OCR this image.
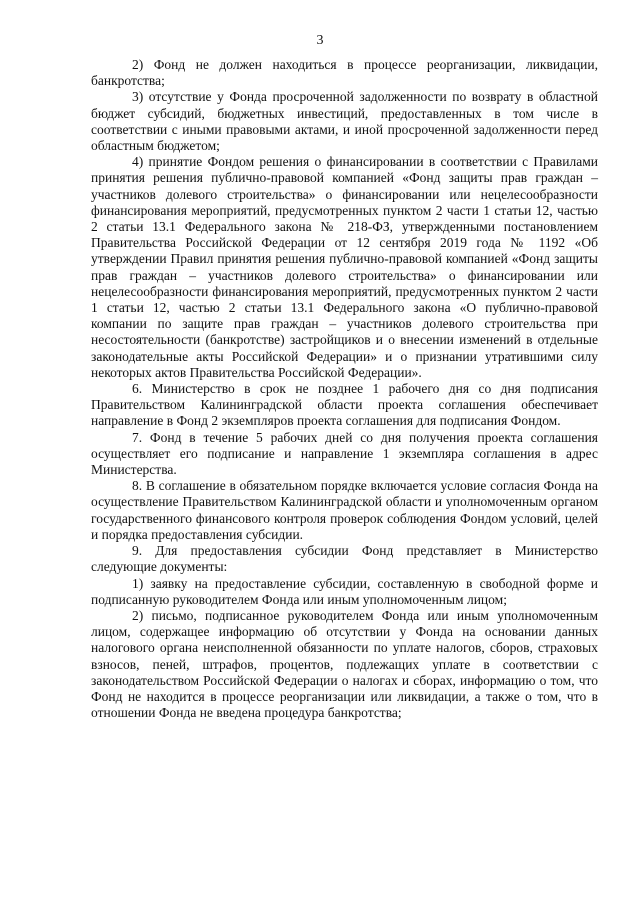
3

2) Фонд не должен находиться в процессе реорганизации, ликвидации, банкротства;

3) отсутствие у Фонда просроченной задолженности по возврату в областной бюджет субсидий, бюджетных инвестиций, предоставленных в том числе в соответствии с иными правовыми актами, и иной просроченной задолженности перед областным бюджетом;

4) принятие Фондом решения о финансировании в соответствии с Правилами принятия решения публично-правовой компанией «Фонд защиты прав граждан – участников долевого строительства» о финансировании или нецелесообразности финансирования мероприятий, предусмотренных пунктом 2 части 1 статьи 12, частью 2 статьи 13.1 Федерального закона № 218-ФЗ, утвержденными постановлением Правительства Российской Федерации от 12 сентября 2019 года № 1192 «Об утверждении Правил принятия решения публично-правовой компанией «Фонд защиты прав граждан – участников долевого строительства» о финансировании или нецелесообразности финансирования мероприятий, предусмотренных пунктом 2 части 1 статьи 12, частью 2 статьи 13.1 Федерального закона «О публично-правовой компании по защите прав граждан – участников долевого строительства при несостоятельности (банкротстве) застройщиков и о внесении изменений в отдельные законодательные акты Российской Федерации» и о признании утратившими силу некоторых актов Правительства Российской Федерации».

6. Министерство в срок не позднее 1 рабочего дня со дня подписания Правительством Калининградской области проекта соглашения обеспечивает направление в Фонд 2 экземпляров проекта соглашения для подписания Фондом.

7. Фонд в течение 5 рабочих дней со дня получения проекта соглашения осуществляет его подписание и направление 1 экземпляра соглашения в адрес Министерства.

8. В соглашение в обязательном порядке включается условие согласия Фонда на осуществление Правительством Калининградской области и уполномоченным органом государственного финансового контроля проверок соблюдения Фондом условий, целей и порядка предоставления субсидии.

9. Для предоставления субсидии Фонд представляет в Министерство следующие документы:

1) заявку на предоставление субсидии, составленную в свободной форме и подписанную руководителем Фонда или иным уполномоченным лицом;

2) письмо, подписанное руководителем Фонда или иным уполномоченным лицом, содержащее информацию об отсутствии у Фонда на основании данных налогового органа неисполненной обязанности по уплате налогов, сборов, страховых взносов, пеней, штрафов, процентов, подлежащих уплате в соответствии с законодательством Российской Федерации о налогах и сборах, информацию о том, что Фонд не находится в процессе реорганизации или ликвидации, а также о том, что в отношении Фонда не введена процедура банкротства;
